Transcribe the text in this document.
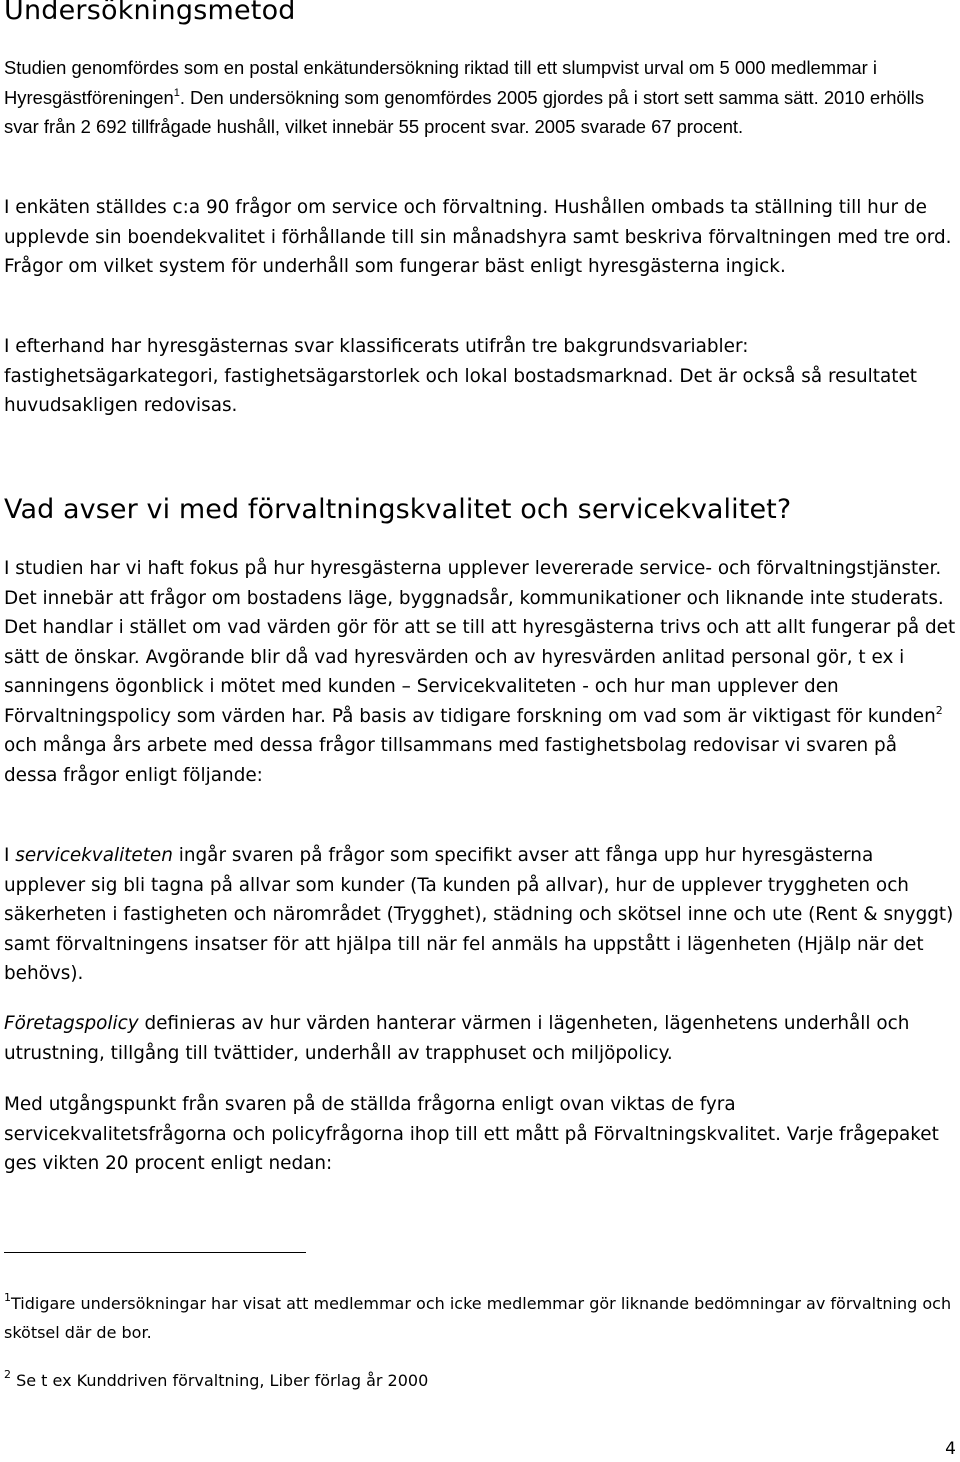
Undersökningsmetod

Studien genomfördes som en postal enkätundersökning riktad till ett slumpvist urval om 5 000 medlemmar i Hyresgästföreningen$^1$. Den undersökning som genomfördes 2005 gjordes på i stort sett samma sätt. 2010 erhölls svar från 2 692 tillfrågade hushåll, vilket innebär 55 procent svar. 2005 svarade 67 procent.

I enkäten ställdes c:a 90 frågor om service och förvaltning. Hushållen ombads ta ställning till hur de upplevde sin boendekvalitet i förhållande till sin månadshyra samt beskriva förvaltningen med tre ord. Frågor om vilket system för underhåll som fungerar bäst enligt hyresgästerna ingick.

I efterhand har hyresgästernas svar klassificerats utifrån tre bakgrundsvariabler: fastighetsägarkategori, fastighetsägarstorlek och lokal bostadsmarknad. Det är också så resultatet huvudsakligen redovisas.

Vad avser vi med förvaltningskvalitet och servicekvalitet?

I studien har vi haft fokus på hur hyresgästerna upplever levererade service- och förvaltningstjänster. Det innebär att frågor om bostadens läge, byggnadsår, kommunikationer och liknande inte studerats. Det handlar i stället om vad värden gör för att se till att hyresgästerna trivs och att allt fungerar på det sätt de önskar. Avgörande blir då vad hyresvärden och av hyresvärden anlitad personal gör, t ex i sanningens ögonblick i mötet med kunden – Servicekvaliteten - och hur man upplever den Förvaltningspolicy som värden har. På basis av tidigare forskning om vad som är viktigast för kunden$^2$ och många års arbete med dessa frågor tillsammans med fastighetsbolag redovisar vi svaren på dessa frågor enligt följande:

I servicekvaliteten ingår svaren på frågor som specifikt avser att fånga upp hur hyresgästerna upplever sig bli tagna på allvar som kunder (Ta kunden på allvar), hur de upplever tryggheten och säkerheten i fastigheten och närområdet (Trygghet), städning och skötsel inne och ute (Rent & snyggt) samt förvaltningens insatser för att hjälpa till när fel anmäls ha uppstått i lägenheten (Hjälp när det behövs).

Företagspolicy definieras av hur värden hanterar värmen i lägenheten, lägenhetens underhåll och utrustning, tillgång till tvättider, underhåll av trapphuset och miljöpolicy.

Med utgångspunkt från svaren på de ställda frågorna enligt ovan viktas de fyra servicekvalitetsfrågorna och policyfrågorna ihop till ett mått på Förvaltningskvalitet. Varje frågepaket ges vikten 20 procent enligt nedan:

$^1$Tidigare undersökningar har visat att medlemmar och icke medlemmar gör liknande bedömningar av förvaltning och skötsel där de bor.

$^2$ Se t ex Kunddriven förvaltning, Liber förlag år 2000

4
